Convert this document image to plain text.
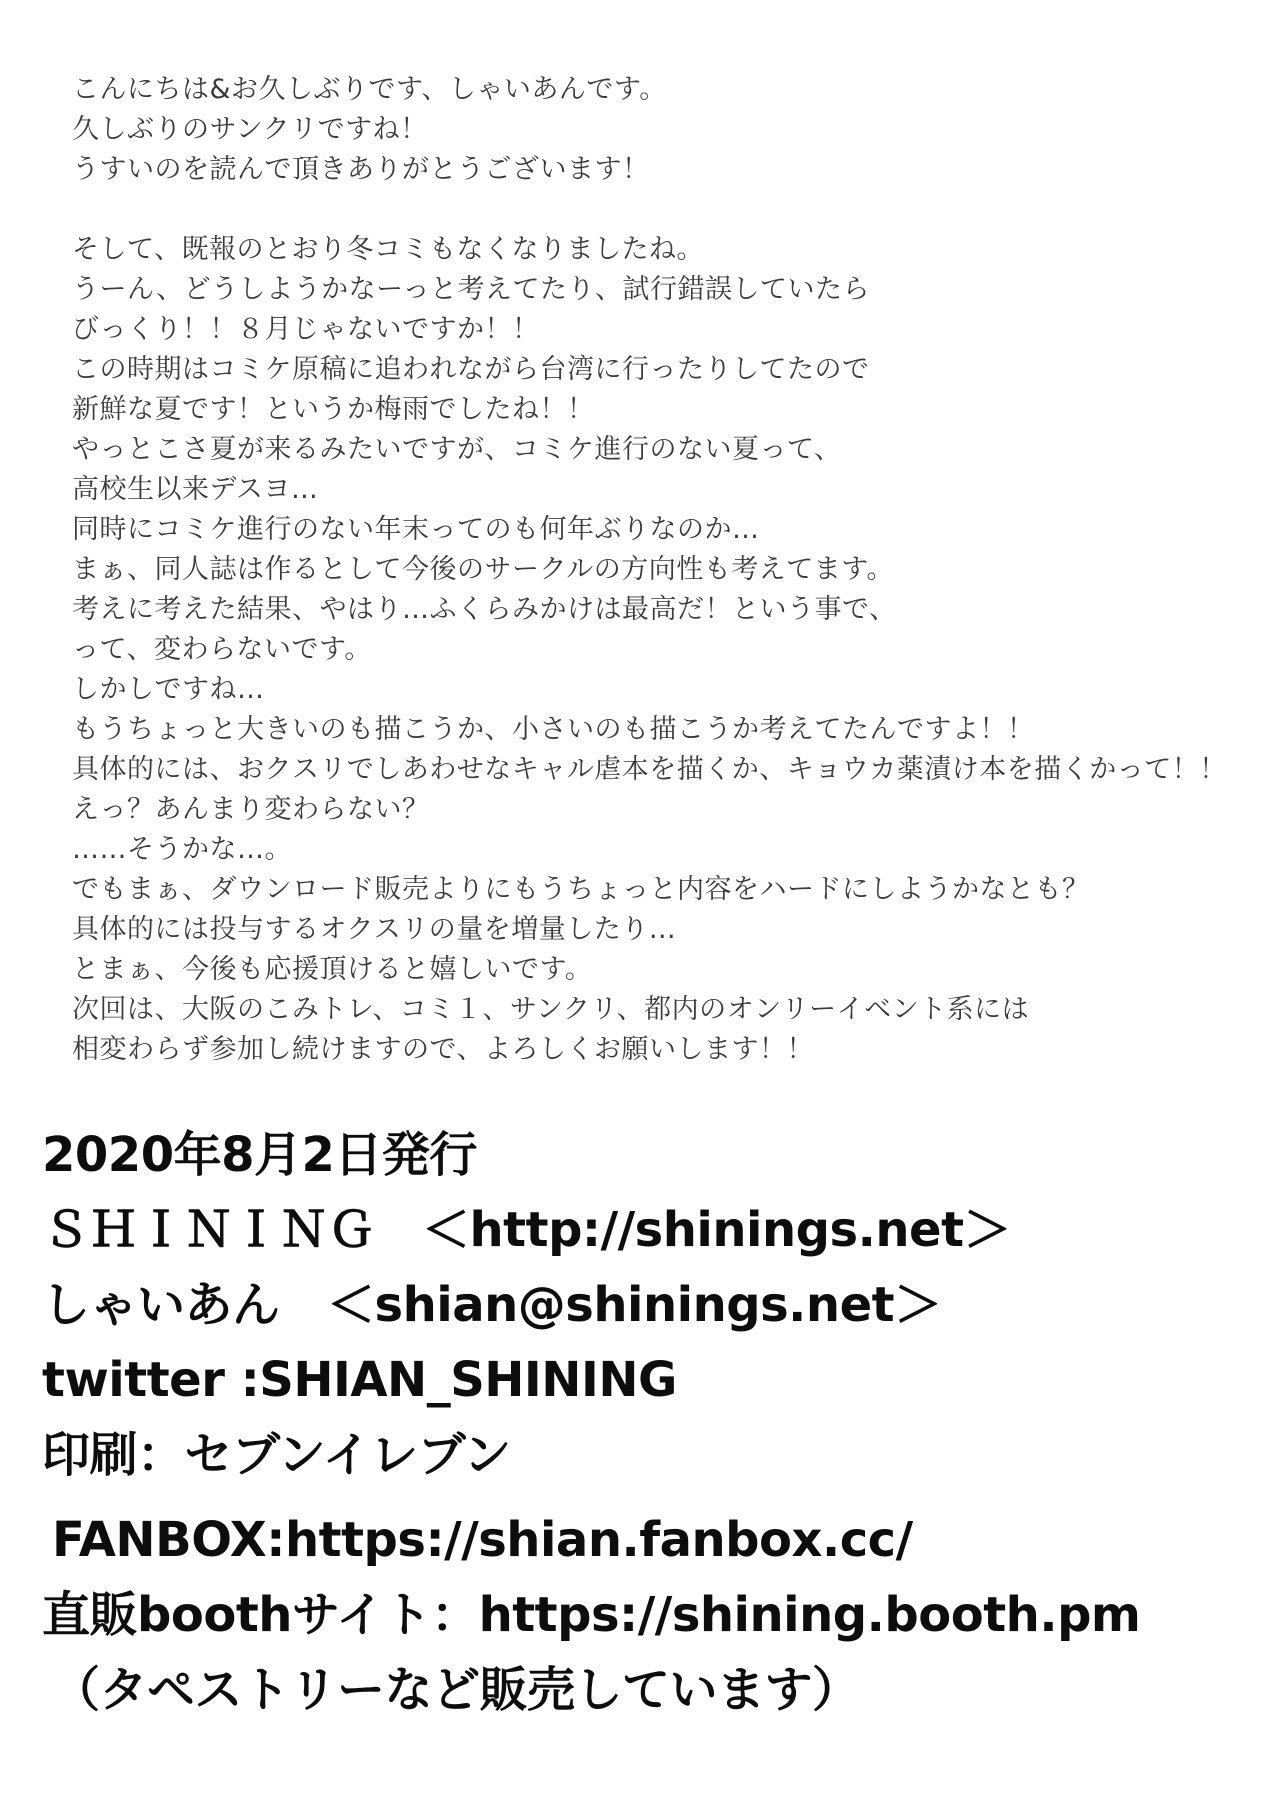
こんにちは&お久しぶりです、しゃいあんです。

久しぶりのサンクリですね！

うすいのを読んで頂きありがとうございます！

そして、既報のとおり冬コミもなくなりましたね。

うーん、どうしようかなーっと考えてたり、試行錯誤していたら

びっくり！！８月じゃないですか！！

この時期はコミケ原稿に追われながら台湾に行ったりしてたので

新鮮な夏です！というか梅雨でしたね！！

やっとこさ夏が来るみたいですが、コミケ進行のない夏って、

高校生以来デスヨ…

同時にコミケ進行のない年末ってのも何年ぶりなのか…

まぁ、同人誌は作るとして今後のサークルの方向性も考えてます。

考えに考えた結果、やはり…ふくらみかけは最高だ！という事で、

って、変わらないです。

しかしですね…

もうちょっと大きいのも描こうか、小さいのも描こうか考えてたんですよ！！

具体的には、おクスリでしあわせなキャル虐本を描くか、キョウカ薬漬け本を描くかって！！

えっ？あんまり変わらない？

……そうかな…。

でもまぁ、ダウンロード販売よりにもうちょっと内容をハードにしようかなとも？

具体的には投与するオクスリの量を増量したり…

とまぁ、今後も応援頂けると嬉しいです。

次回は、大阪のこみトレ、コミ１、サンクリ、都内のオンリーイベント系には

相変わらず参加し続けますので、よろしくお願いします！！

2020年8月2日発行

ＳＨＩＮＩＮＧ　＜http://shinings.net＞

しゃいあん　＜shian@shinings.net＞

twitter :SHIAN_SHINING

印刷：セブンイレブン

FANBOX:https://shian.fanbox.cc/

直販boothサイト：https://shining.booth.pm

（タペストリーなど販売しています）
